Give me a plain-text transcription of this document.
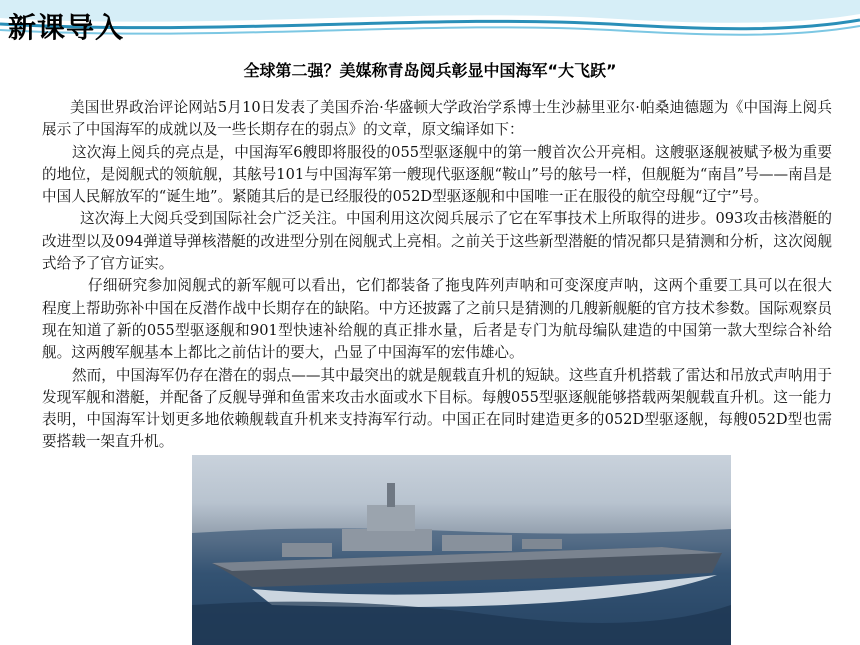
新课导入
全球第二强？美媒称青岛阅兵彰显中国海军“大飞跃”

美国世界政治评论网站5月10日发表了美国乔治·华盛顿大学政治学系博士生沙赫里亚尔·帕桑迪德题为《中国海上阅兵展示了中国海军的成就以及一些长期存在的弱点》的文章，原文编译如下：

这次海上阅兵的亮点是，中国海军6艘即将服役的055型驱逐舰中的第一艘首次公开亮相。这艘驱逐舰被赋予极为重要的地位，是阅舰式的领航舰，其舷号101与中国海军第一艘现代驱逐舰“鞍山”号的舷号一样，但舰艇为“南昌”号——南昌是中国人民解放军的“诞生地”。紧随其后的是已经服役的052D型驱逐舰和中国唯一正在服役的航空母舰“辽宁”号。

这次海上大阅兵受到国际社会广泛关注。中国利用这次阅兵展示了它在军事技术上所取得的进步。093攻击核潜艇的改进型以及094弹道导弹核潜艇的改进型分别在阅舰式上亮相。之前关于这些新型潜艇的情况都只是猜测和分析，这次阅舰式给予了官方证实。

仔细研究参加阅舰式的新军舰可以看出，它们都装备了拖曳阵列声呐和可变深度声呐，这两个重要工具可以在很大程度上帮助弥补中国在反潜作战中长期存在的缺陷。中方还披露了之前只是猜测的几艘新舰艇的官方技术参数。国际观察员现在知道了新的055型驱逐舰和901型快速补给舰的真正排水量，后者是专门为航母编队建造的中国第一款大型综合补给舰。这两艘军舰基本上都比之前估计的要大，凸显了中国海军的宏伟雄心。

然而，中国海军仍存在潜在的弱点——其中最突出的就是舰载直升机的短缺。这些直升机搭载了雷达和吊放式声呐用于发现军舰和潜艇，并配备了反舰导弹和鱼雷来攻击水面或水下目标。每艘055型驱逐舰能够搭载两架舰载直升机。这一能力表明，中国海军计划更多地依赖舰载直升机来支持海军行动。中国正在同时建造更多的052D型驱逐舰，每艘052D型也需要搭载一架直升机。
